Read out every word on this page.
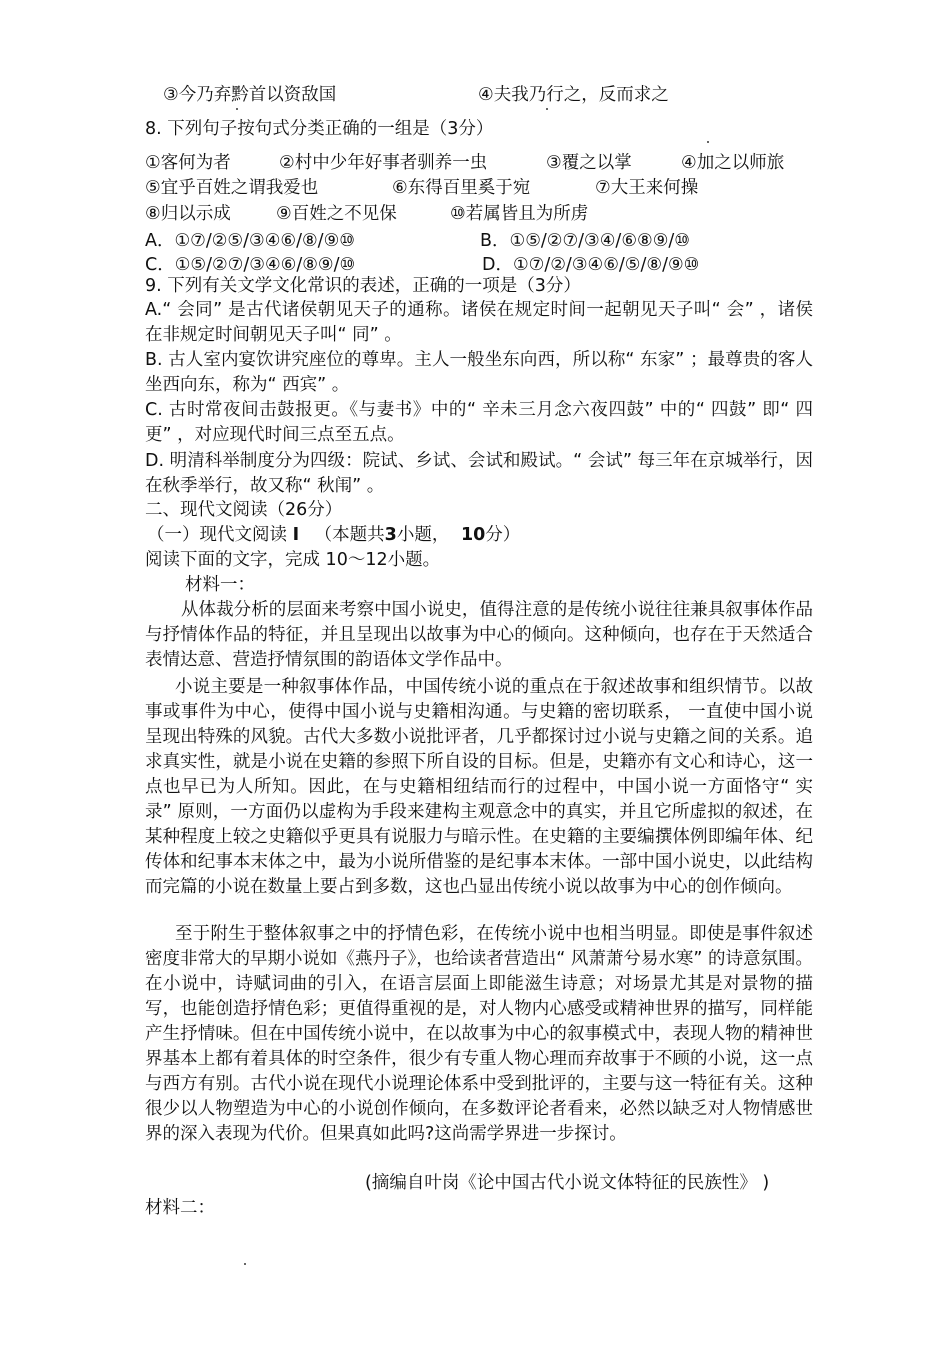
③今乃弃黔首以资敌国	④夫我乃行之，反而求之
8. 下列句子按句式分类正确的一组是（3分）
①客何为者	②村中少年好事者驯养一虫	③覆之以掌	④加之以师旅
⑤宜乎百姓之谓我爱也	⑥东得百里奚于宛	⑦大王来何操
⑧归以示成	⑨百姓之不见保	⑩若属皆且为所虏
A．①⑦/②⑤/③④⑥/⑧/⑨⑩	B．①⑤/②⑦/③④/⑥⑧⑨/⑩
C．①⑤/②⑦/③④⑥/⑧⑨/⑩	D．①⑦/②/③④⑥/⑤/⑧/⑨⑩
9. 下列有关文学文化常识的表述，正确的一项是（3分）
A.“ 会同” 是古代诸侯朝见天子的通称。诸侯在规定时间一起朝见天子叫“ 会” ，诸侯在非规定时间朝见天子叫“ 同” 。
B. 古人室内宴饮讲究座位的尊卑。主人一般坐东向西，所以称“ 东家” ；最尊贵的客人坐西向东，称为“ 西宾” 。
C. 古时常夜间击鼓报更。《与妻书》中的“ 辛未三月念六夜四鼓” 中的“ 四鼓” 即“ 四更” ，对应现代时间三点至五点。
D. 明清科举制度分为四级：院试、乡试、会试和殿试。“ 会试” 每三年在京城举行，因在秋季举行，故又称“ 秋闱” 。
二、现代文阅读（26分）
（一）现代文阅读 Ⅰ （本题共3小题， 10分）
阅读下面的文字，完成 10～12小题。
材料一：
从体裁分析的层面来考察中国小说史，值得注意的是传统小说往往兼具叙事体作品与抒情体作品的特征，并且呈现出以故事为中心的倾向。这种倾向，也存在于天然适合表情达意、营造抒情氛围的韵语体文学作品中。
小说主要是一种叙事体作品，中国传统小说的重点在于叙述故事和组织情节。以故事或事件为中心，使得中国小说与史籍相沟通。与史籍的密切联系， 一直使中国小说呈现出特殊的风貌。古代大多数小说批评者，几乎都探讨过小说与史籍之间的关系。追求真实性，就是小说在史籍的参照下所自设的目标。但是，史籍亦有文心和诗心，这一点也早已为人所知。因此，在与史籍相纽结而行的过程中，中国小说一方面恪守“ 实录” 原则，一方面仍以虚构为手段来建构主观意念中的真实，并且它所虚拟的叙述，在某种程度上较之史籍似乎更具有说服力与暗示性。在史籍的主要编撰体例即编年体、纪传体和纪事本末体之中，最为小说所借鉴的是纪事本末体。一部中国小说史，以此结构而完篇的小说在数量上要占到多数，这也凸显出传统小说以故事为中心的创作倾向。
至于附生于整体叙事之中的抒情色彩，在传统小说中也相当明显。即使是事件叙述密度非常大的早期小说如《燕丹子》，也给读者营造出“ 风萧萧兮易水寒” 的诗意氛围。在小说中，诗赋词曲的引入，在语言层面上即能滋生诗意；对场景尤其是对景物的描写，也能创造抒情色彩；更值得重视的是，对人物内心感受或精神世界的描写，同样能产生抒情味。但在中国传统小说中，在以故事为中心的叙事模式中，表现人物的精神世界基本上都有着具体的时空条件，很少有专重人物心理而弃故事于不顾的小说，这一点与西方有别。古代小说在现代小说理论体系中受到批评的，主要与这一特征有关。这种很少以人物塑造为中心的小说创作倾向，在多数评论者看来，必然以缺乏对人物情感世界的深入表现为代价。但果真如此吗?这尚需学界进一步探讨。
(摘编自叶岗《论中国古代小说文体特征的民族性》 )
材料二：
